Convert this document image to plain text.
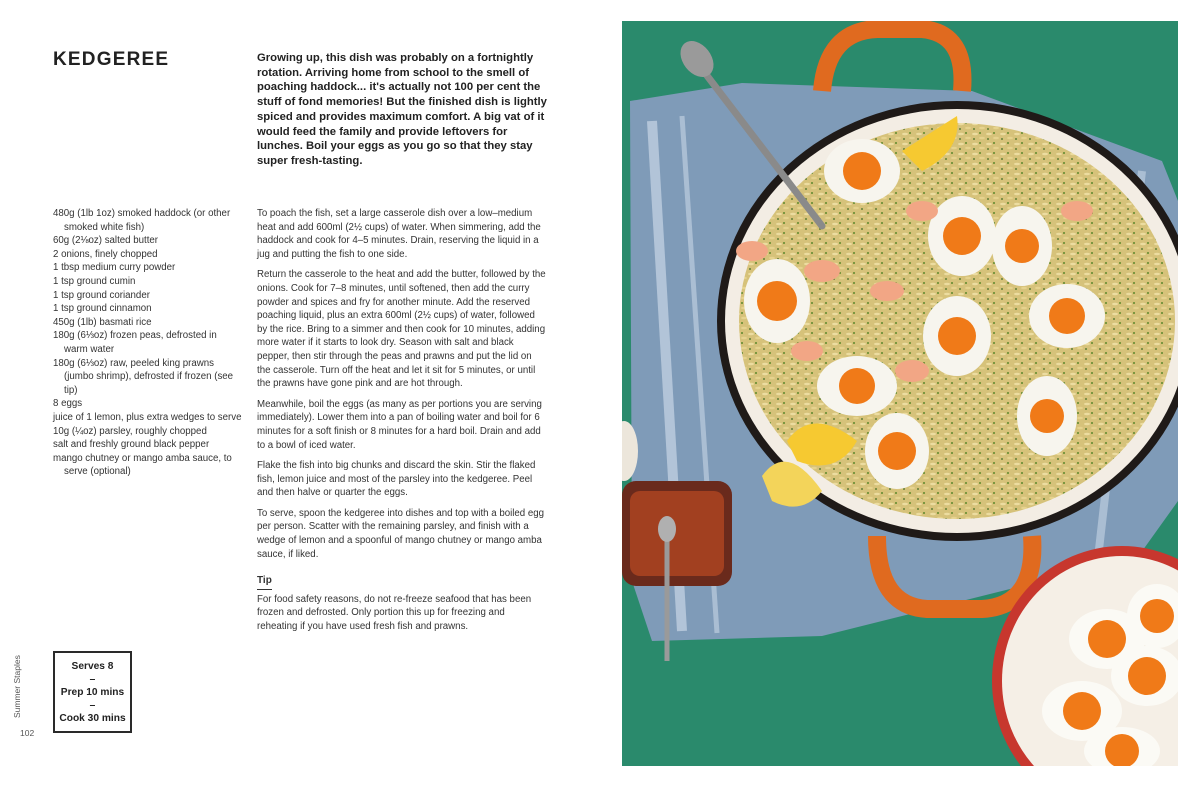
KEDGEREE	Growing up, this dish was probably on a fortnightly rotation. Arriving home from school to the smell of poaching haddock... it's actually not 100 per cent the stuff of fond memories! But the finished dish is lightly spiced and provides maximum comfort. A big vat of it would feed the family and provide leftovers for lunches. Boil your eggs as you go so that they stay super fresh-tasting.

480g (1lb 1oz) smoked haddock (or other smoked white fish)
60g (2⅛oz) salted butter
2 onions, finely chopped
1 tbsp medium curry powder
1 tsp ground cumin
1 tsp ground coriander
1 tsp ground cinnamon
450g (1lb) basmati rice
180g (6⅓oz) frozen peas, defrosted in warm water
180g (6⅓oz) raw, peeled king prawns (jumbo shrimp), defrosted if frozen (see tip)
8 eggs
juice of 1 lemon, plus extra wedges to serve
10g (¼oz) parsley, roughly chopped
salt and freshly ground black pepper
mango chutney or mango amba sauce, to serve (optional)

To poach the fish, set a large casserole dish over a low–medium heat and add 600ml (2½ cups) of water. When simmering, add the haddock and cook for 4–5 minutes. Drain, reserving the liquid in a jug and putting the fish to one side.

Return the casserole to the heat and add the butter, followed by the onions. Cook for 7–8 minutes, until softened, then add the curry powder and spices and fry for another minute. Add the reserved poaching liquid, plus an extra 600ml (2½ cups) of water, followed by the rice. Bring to a simmer and then cook for 10 minutes, adding more water if it starts to look dry. Season with salt and black pepper, then stir through the peas and prawns and put the lid on the casserole. Turn off the heat and let it sit for 5 minutes, or until the prawns have gone pink and are hot through.

Meanwhile, boil the eggs (as many as per portions you are serving immediately). Lower them into a pan of boiling water and boil for 6 minutes for a soft finish or 8 minutes for a hard boil. Drain and add to a bowl of iced water.

Flake the fish into big chunks and discard the skin. Stir the flaked fish, lemon juice and most of the parsley into the kedgeree. Peel and then halve or quarter the eggs.

To serve, spoon the kedgeree into dishes and top with a boiled egg per person. Scatter with the remaining parsley, and finish with a wedge of lemon and a spoonful of mango chutney or mango amba sauce, if liked.

Tip

For food safety reasons, do not re-freeze seafood that has been frozen and defrosted. Only portion this up for freezing and reheating if you have used fresh fish and prawns.

Summer Staples
102
Serves 8
–
Prep 10 mins
–
Cook 30 mins
